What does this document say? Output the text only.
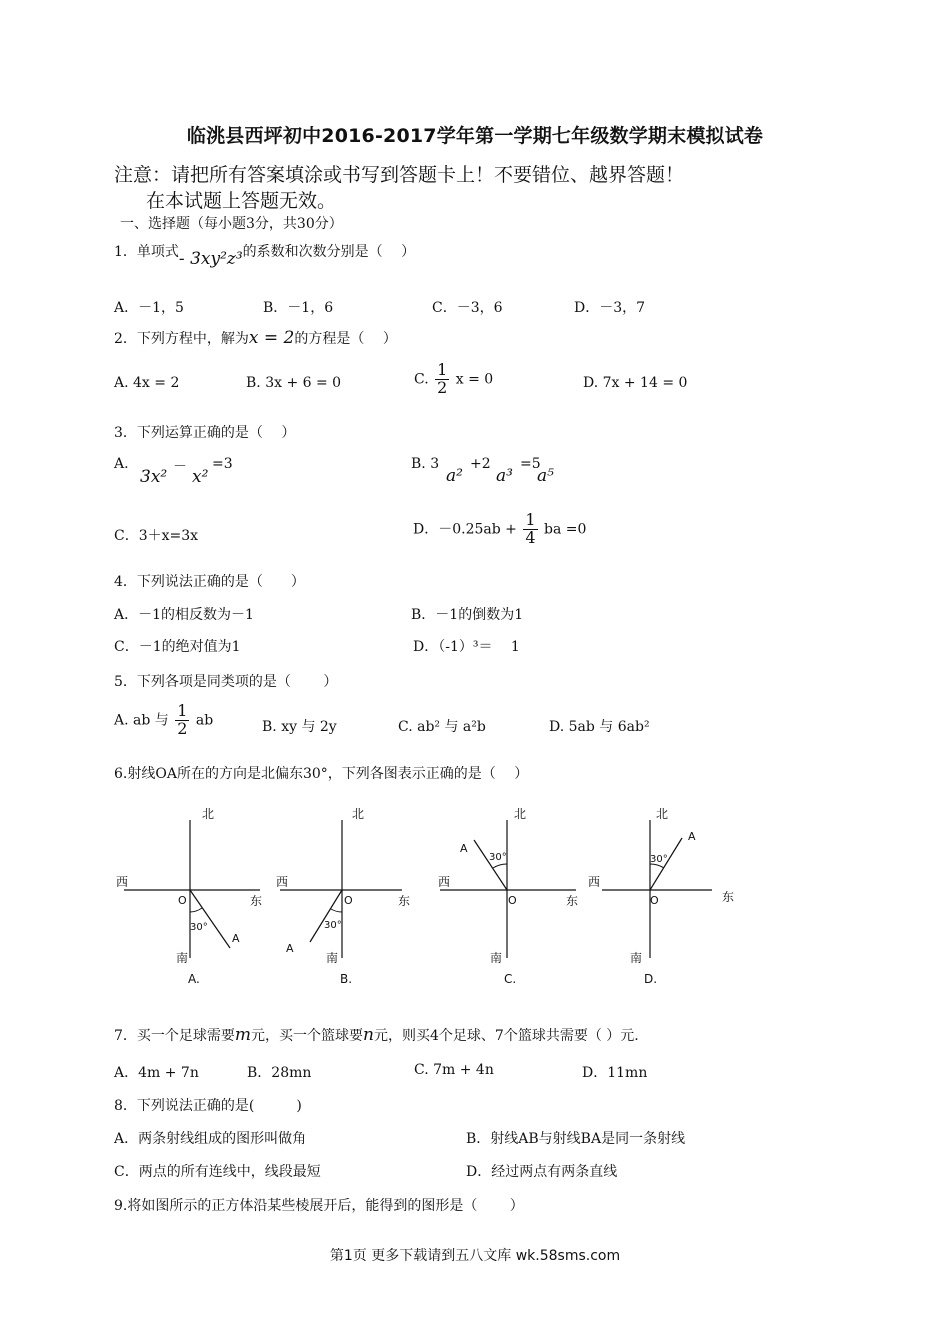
临洮县西坪初中2016-2017学年第一学期七年级数学期末模拟试卷
注意：请把所有答案填涂或书写到答题卡上！不要错位、越界答题！
在本试题上答题无效。
一、选择题（每小题3分，共30分）
1．单项式- 3xy²z³的系数和次数分别是（　 ）
A．－1，5	B．－1，6	C．－3，6	D．－3，7
2．下列方程中，解为x = 2的方程是（　 ）
A. 4x = 2	B. 3x + 6 = 0	C. $\frac{1}{2}$ x = 0	D. 7x + 14 = 0
3．下列运算正确的是（　 ）
A.
3x² － x²
=3	B. 3
a²
+2
a³
=5
a⁵
C．3＋x=3x	D．$-0.25ab + \frac{1}{4}$ ba =0
4．下列说法正确的是（　　）
A．－1的相反数为－1	B．－1的倒数为1
C．－1的绝对值为1	D．（-1）³＝　 1
5．下列各项是同类项的是（　　 ）
A. ab 与 $\frac{1}{2}$ ab	B. xy 与 2y	C. ab² 与 a²b	D. 5ab 与 6ab²
6.射线OA所在的方向是北偏东30°，下列各图表示正确的是（　 ）
北
西
东
O
30°
A
南
A.
北
西
东
O
30°
A
南
B.
北
西
东
O
30°
A
南
C.
北
西
东
O
30°
A
南
D.
7．买一个足球需要m元，买一个篮球要n元，则买4个足球、7个篮球共需要（ ）元.
A．4m + 7n	B．28mn	C. 7m + 4n	D．11mn
8．下列说法正确的是(　　　)
A．两条射线组成的图形叫做角	B．射线AB与射线BA是同一条射线
C．两点的所有连线中，线段最短	D．经过两点有两条直线
9.将如图所示的正方体沿某些棱展开后，能得到的图形是（　　 ）
第1页 更多下载请到五八文库 wk.58sms.com
